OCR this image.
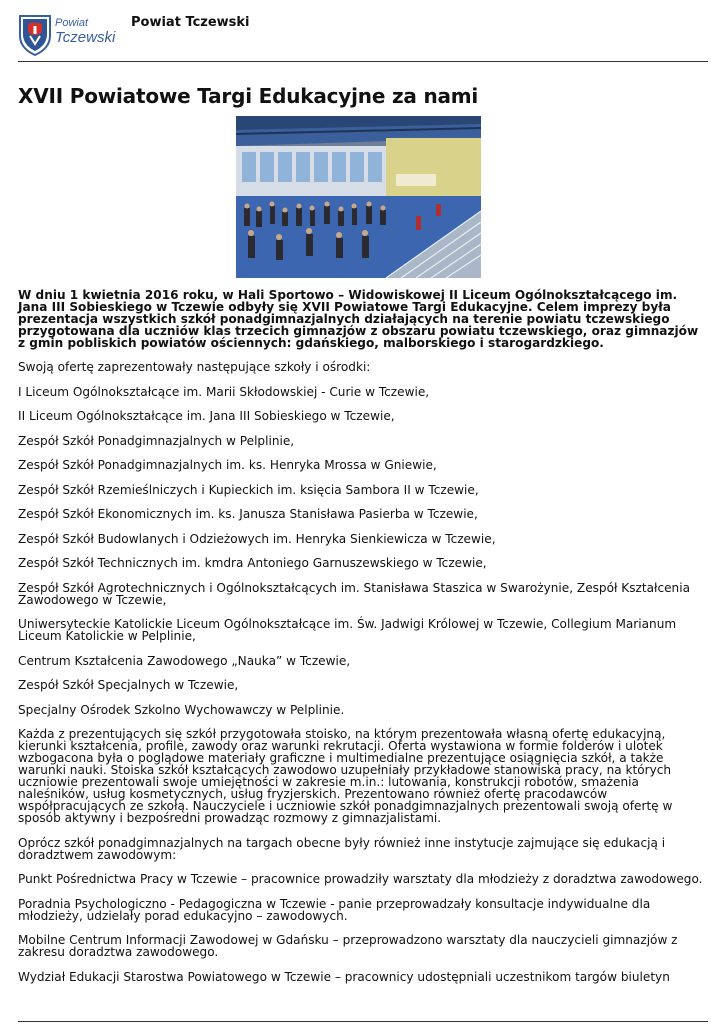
Powiat
Tczewski
Powiat Tczewski
XVII Powiatowe Targi Edukacyjne za nami

W dniu 1 kwietnia 2016 roku, w Hali Sportowo – Widowiskowej II Liceum Ogólnokształcącego im. Jana III Sobieskiego w Tczewie odbyły się XVII Powiatowe Targi Edukacyjne. Celem imprezy była prezentacja wszystkich szkół ponadgimnazjalnych działających na terenie powiatu tczewskiego przygotowana dla uczniów klas trzecich gimnazjów z obszaru powiatu tczewskiego, oraz gimnazjów z gmin pobliskich powiatów ościennych: gdańskiego, malborskiego i starogardzkiego.

Swoją ofertę zaprezentowały następujące szkoły i ośrodki:

I Liceum Ogólnokształcące im. Marii Skłodowskiej - Curie w Tczewie,

II Liceum Ogólnokształcące im. Jana III Sobieskiego w Tczewie,

Zespół Szkół Ponadgimnazjalnych w Pelplinie,

Zespół Szkół Ponadgimnazjalnych im. ks. Henryka Mrossa w Gniewie,

Zespół Szkół Rzemieślniczych i Kupieckich im. księcia Sambora II w Tczewie,

Zespół Szkół Ekonomicznych im. ks. Janusza Stanisława Pasierba w Tczewie,

Zespół Szkół Budowlanych i Odzieżowych im. Henryka Sienkiewicza w Tczewie,

Zespół Szkół Technicznych im. kmdra Antoniego Garnuszewskiego w Tczewie,

Zespół Szkół Agrotechnicznych i Ogólnokształcących im. Stanisława Staszica w Swarożynie, Zespół Kształcenia Zawodowego w Tczewie,

Uniwersyteckie Katolickie Liceum Ogólnokształcące im. Św. Jadwigi Królowej w Tczewie, Collegium Marianum Liceum Katolickie w Pelplinie,

Centrum Kształcenia Zawodowego „Nauka” w Tczewie,

Zespół Szkół Specjalnych w Tczewie,

Specjalny Ośrodek Szkolno Wychowawczy w Pelplinie.

Każda z prezentujących się szkół przygotowała stoisko, na którym prezentowała własną ofertę edukacyjną, kierunki kształcenia, profile, zawody oraz warunki rekrutacji. Oferta wystawiona w formie folderów i ulotek wzbogacona była o poglądowe materiały graficzne i multimedialne prezentujące osiągnięcia szkół, a także warunki nauki. Stoiska szkół kształcących zawodowo uzupełniały przykładowe stanowiska pracy, na których uczniowie prezentowali swoje umiejętności w zakresie m.in.: lutowania, konstrukcji robotów, smażenia naleśników, usług kosmetycznych, usług fryzjerskich. Prezentowano również ofertę pracodawców współpracujących ze szkołą. Nauczyciele i uczniowie szkół ponadgimnazjalnych prezentowali swoją ofertę w sposób aktywny i bezpośredni prowadząc rozmowy z gimnazjalistami.

Oprócz szkół ponadgimnazjalnych na targach obecne były również inne instytucje zajmujące się edukacją i doradztwem zawodowym:

Punkt Pośrednictwa Pracy w Tczewie – pracownice prowadziły warsztaty dla młodzieży z doradztwa zawodowego.

Poradnia Psychologiczno - Pedagogiczna w Tczewie - panie przeprowadzały konsultacje indywidualne dla młodzieży, udzielały porad edukacyjno – zawodowych.

Mobilne Centrum Informacji Zawodowej w Gdańsku – przeprowadzono warsztaty dla nauczycieli gimnazjów z zakresu doradztwa zawodowego.

Wydział Edukacji Starostwa Powiatowego w Tczewie – pracownicy udostępniali uczestnikom targów biuletyn
